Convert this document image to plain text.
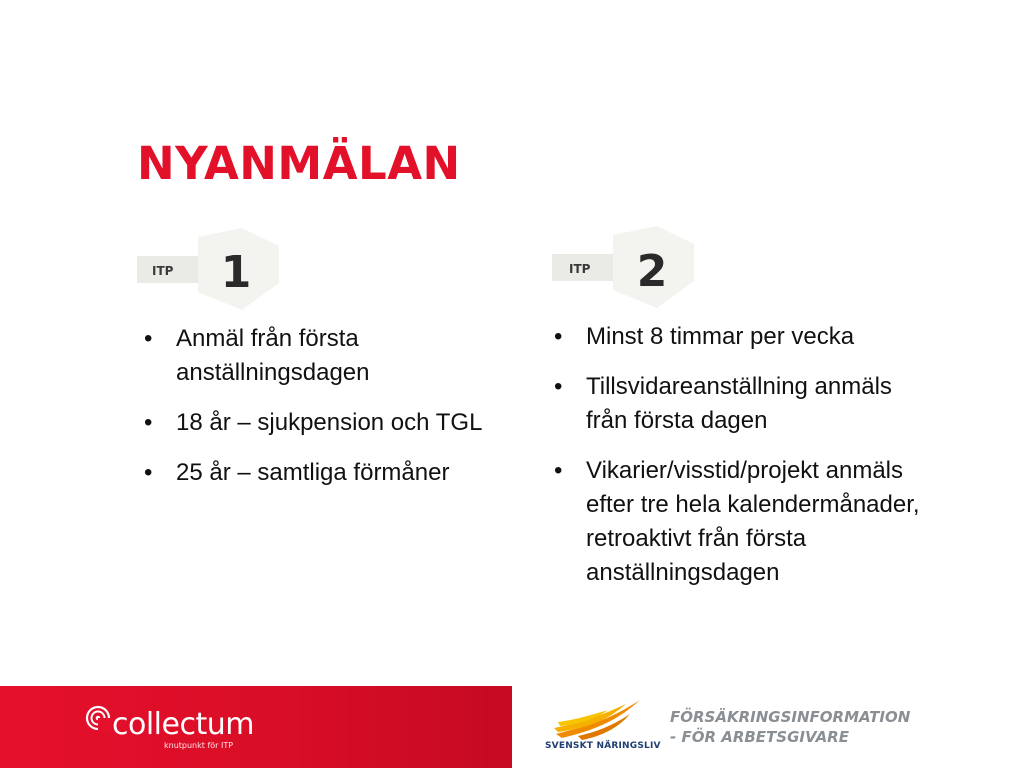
NYANMÄLAN
ITP 1
• Anmäl från första anställningsdagen
• 18 år – sjukpension och TGL
• 25 år – samtliga förmåner
ITP 2
• Minst 8 timmar per vecka
• Tillsvidareanställning anmäls från första dagen
• Vikarier/visstid/projekt anmäls efter tre hela kalendermånader, retroaktivt från första anställningsdagen
collectum
knutpunkt för ITP	SVENSKT NÄRINGSLIV

FÖRSÄKRINGSINFORMATION
- FÖR ARBETSGIVARE
